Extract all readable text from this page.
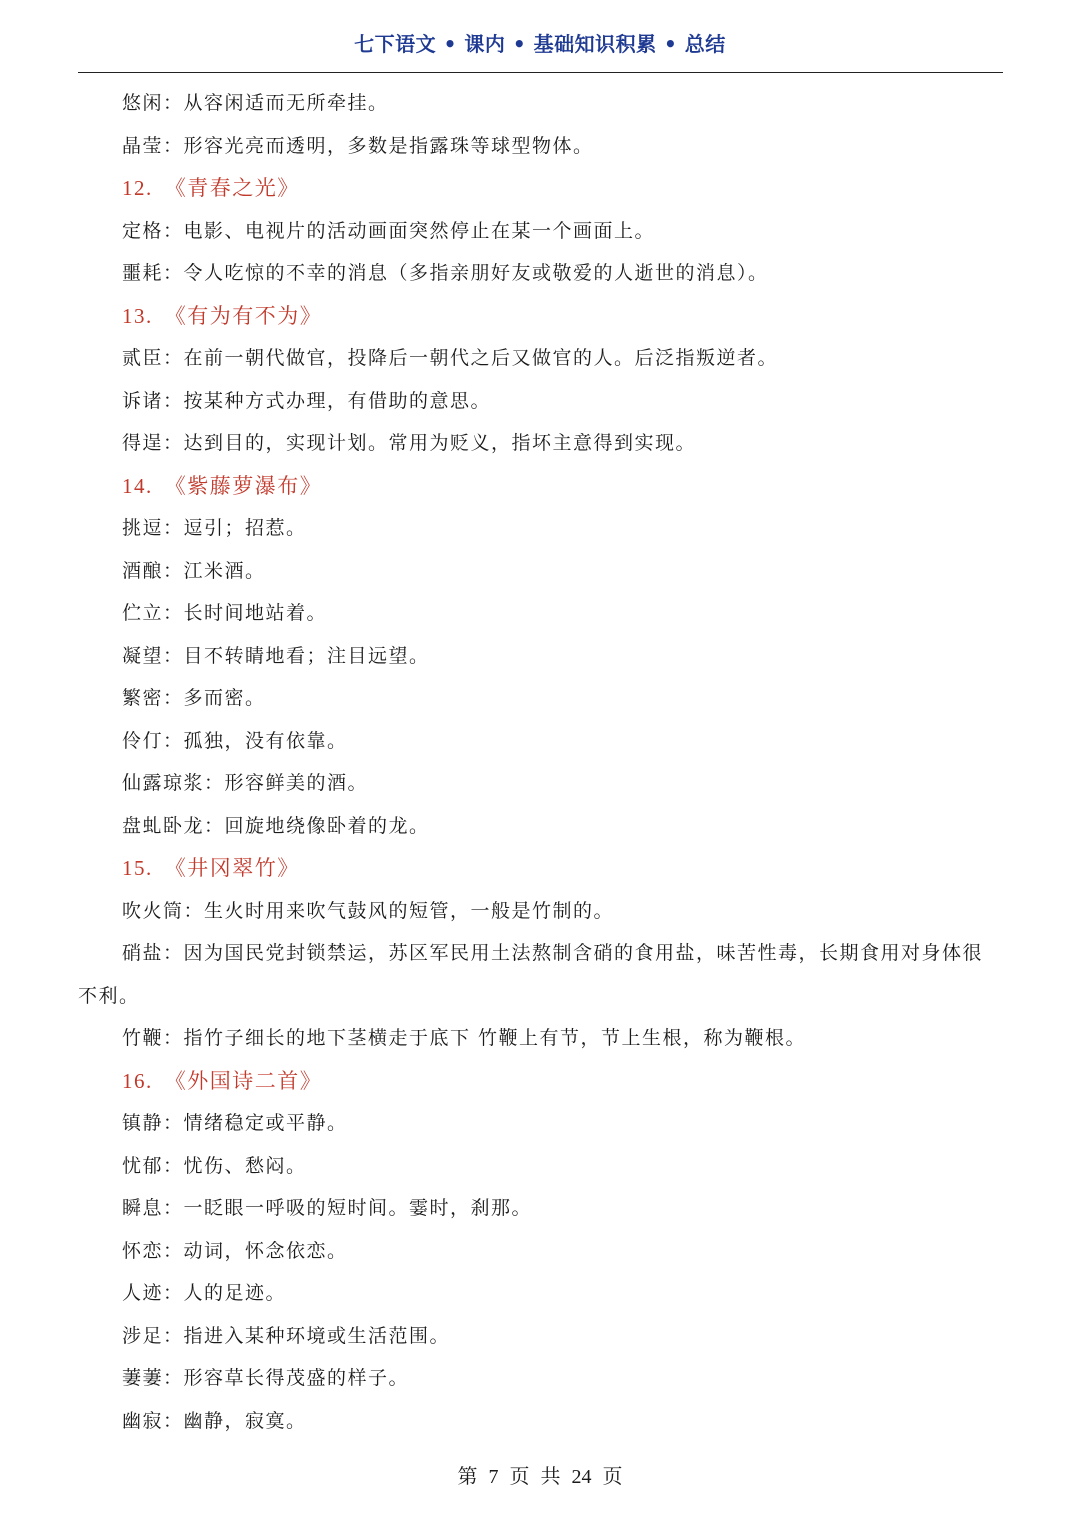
七下语文 • 课内 • 基础知识积累 • 总结
悠闲：从容闲适而无所牵挂。
晶莹：形容光亮而透明，多数是指露珠等球型物体。
12.　《青春之光》
定格：电影、电视片的活动画面突然停止在某一个画面上。
噩耗：令人吃惊的不幸的消息（多指亲朋好友或敬爱的人逝世的消息）。
13.　《有为有不为》
贰臣：在前一朝代做官，投降后一朝代之后又做官的人。后泛指叛逆者。
诉诸：按某种方式办理，有借助的意思。
得逞：达到目的，实现计划。常用为贬义，指坏主意得到实现。
14.　《紫藤萝瀑布》
挑逗：逗引；招惹。
酒酿：江米酒。
伫立：长时间地站着。
凝望：目不转睛地看；注目远望。
繁密：多而密。
伶仃：孤独，没有依靠。
仙露琼浆：形容鲜美的酒。
盘虬卧龙：回旋地绕像卧着的龙。
15.　《井冈翠竹》
吹火筒：生火时用来吹气鼓风的短管，一般是竹制的。
硝盐：因为国民党封锁禁运，苏区军民用土法熬制含硝的食用盐，味苦性毒，长期食用对身体很不利。
竹鞭：指竹子细长的地下茎横走于底下 竹鞭上有节，节上生根，称为鞭根。
16.　《外国诗二首》
镇静：情绪稳定或平静。
忧郁：忧伤、愁闷。
瞬息：一眨眼一呼吸的短时间。霎时，刹那。
怀恋：动词，怀念依恋。
人迹：人的足迹。
涉足：指进入某种环境或生活范围。
萋萋：形容草长得茂盛的样子。
幽寂：幽静，寂寞。
第 7 页 共 24 页
